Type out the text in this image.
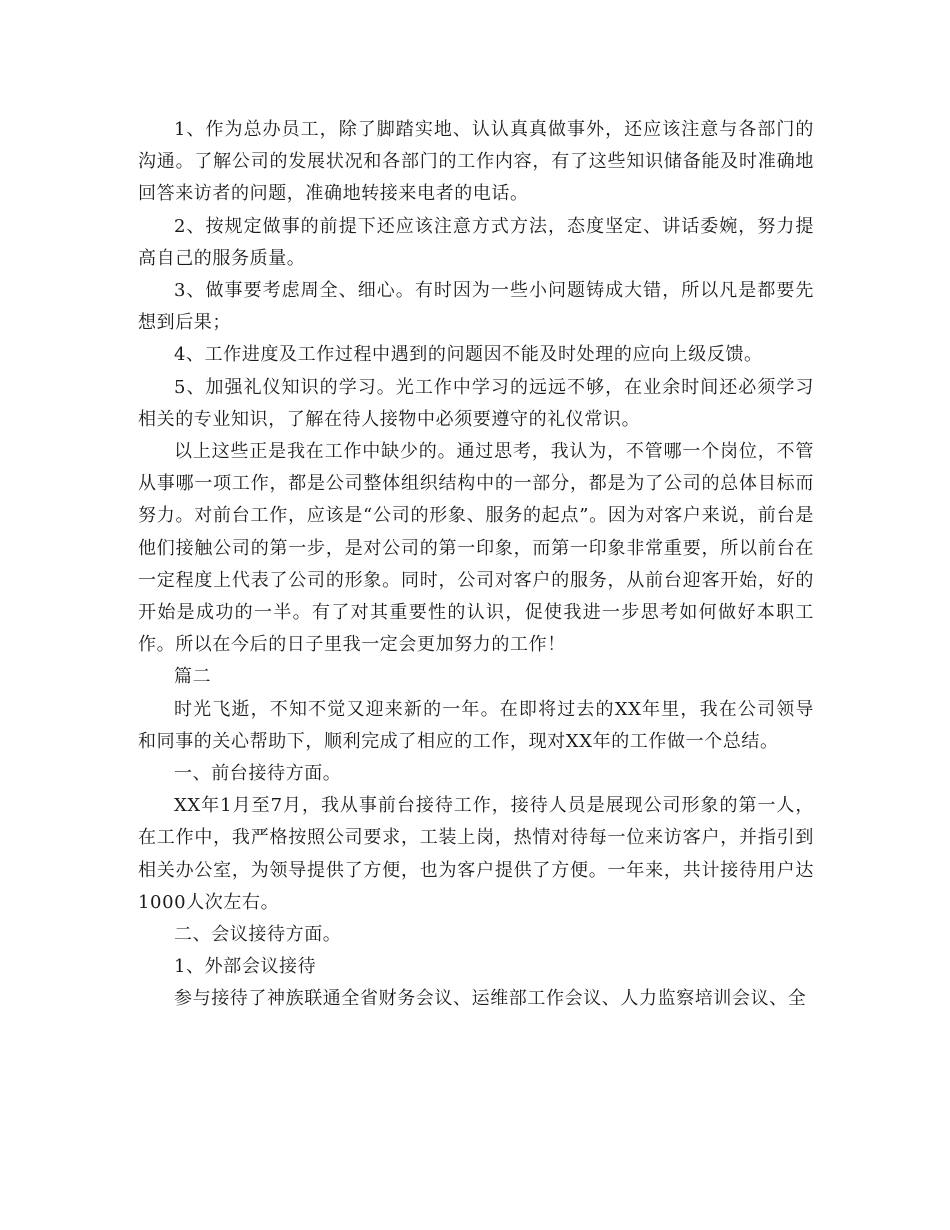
1、作为总办员工，除了脚踏实地、认认真真做事外，还应该注意与各部门的沟通。了解公司的发展状况和各部门的工作内容，有了这些知识储备能及时准确地回答来访者的问题，准确地转接来电者的电话。

2、按规定做事的前提下还应该注意方式方法，态度坚定、讲话委婉，努力提高自己的服务质量。

3、做事要考虑周全、细心。有时因为一些小问题铸成大错，所以凡是都要先想到后果；

4、工作进度及工作过程中遇到的问题因不能及时处理的应向上级反馈。

5、加强礼仪知识的学习。光工作中学习的远远不够，在业余时间还必须学习相关的专业知识，了解在待人接物中必须要遵守的礼仪常识。

以上这些正是我在工作中缺少的。通过思考，我认为，不管哪一个岗位，不管从事哪一项工作，都是公司整体组织结构中的一部分，都是为了公司的总体目标而努力。对前台工作，应该是“公司的形象、服务的起点”。因为对客户来说，前台是他们接触公司的第一步，是对公司的第一印象，而第一印象非常重要，所以前台在一定程度上代表了公司的形象。同时，公司对客户的服务，从前台迎客开始，好的开始是成功的一半。有了对其重要性的认识，促使我进一步思考如何做好本职工作。所以在今后的日子里我一定会更加努力的工作！

篇二

时光飞逝，不知不觉又迎来新的一年。在即将过去的XX年里，我在公司领导和同事的关心帮助下，顺利完成了相应的工作，现对XX年的工作做一个总结。

一、前台接待方面。

XX年1月至7月，我从事前台接待工作，接待人员是展现公司形象的第一人，在工作中，我严格按照公司要求，工装上岗，热情对待每一位来访客户，并指引到相关办公室，为领导提供了方便，也为客户提供了方便。一年来，共计接待用户达1000人次左右。

二、会议接待方面。

1、外部会议接待

参与接待了神族联通全省财务会议、运维部工作会议、人力监察培训会议、全
